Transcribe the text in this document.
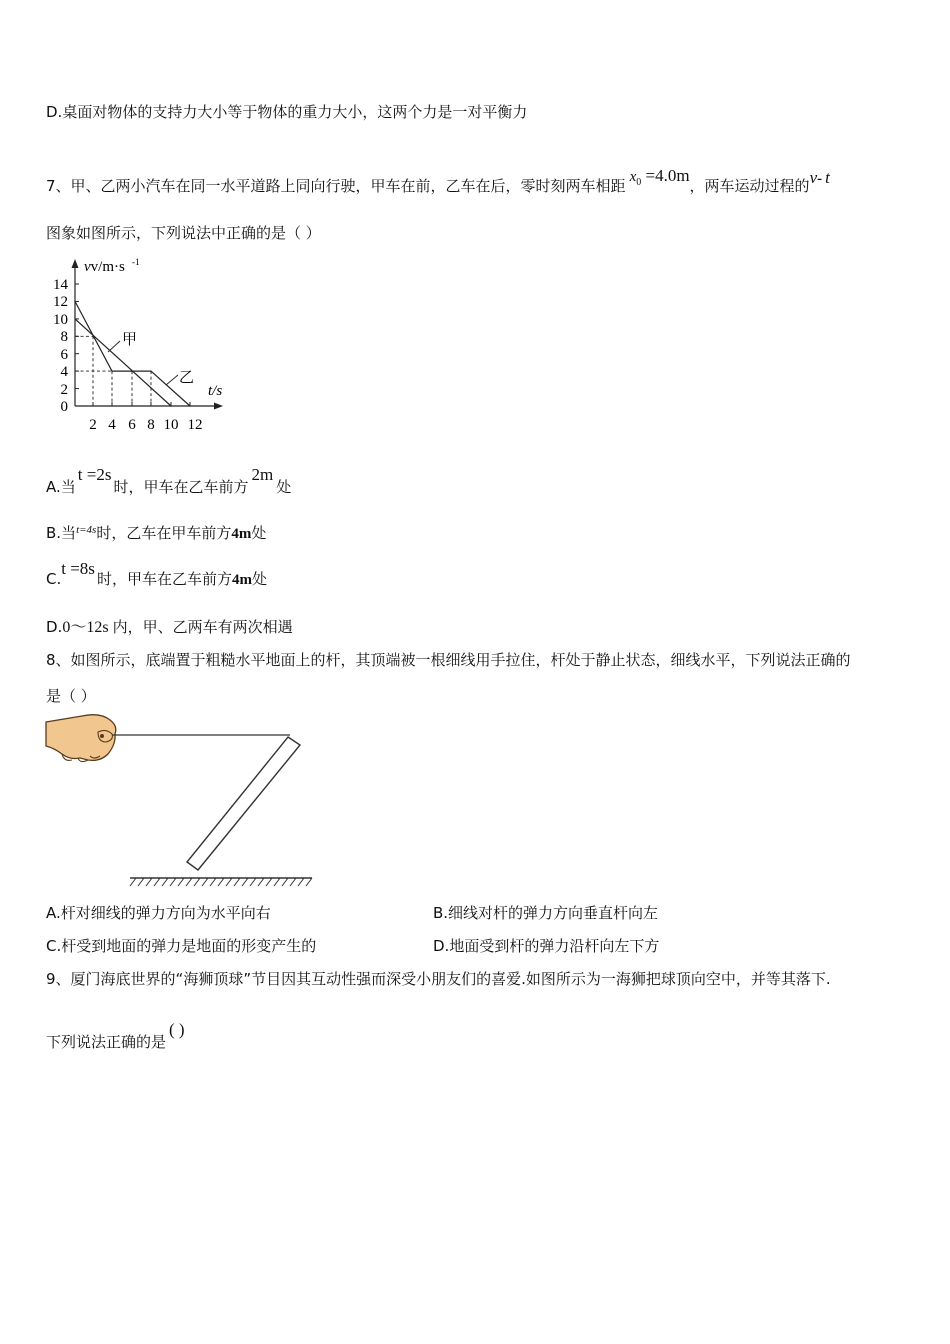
D.桌面对物体的支持力大小等于物体的重力大小，这两个力是一对平衡力
7、甲、乙两小汽车在同一水平道路上同向行驶，甲车在前，乙车在后，零时刻两车相距 $x^0 =4.0m$，两车运动过程的v- t
图象如图所示，下列说法中正确的是（ ）
甲
乙
vv/m·s -1
t/s
14
12
10
8
6
4
2
0
2 4 6 8 10 12
A.当t =2s时，甲车在乙车前方2m处
B.当$^{t=4s}$时，乙车在甲车前方4m处
C.t =8s时，甲车在乙车前方4m处
D.0～12s 内，甲、乙两车有两次相遇
8、如图所示，底端置于粗糙水平地面上的杆，其顶端被一根细线用手拉住，杆处于静止状态，细线水平，下列说法正确的
是（ ）
A.杆对细线的弹力方向为水平向右	B.细线对杆的弹力方向垂直杆向左
C.杆受到地面的弹力是地面的形变产生的	D.地面受到杆的弹力沿杆向左下方
9、厦门海底世界的“海狮顶球”节目因其互动性强而深受小朋友们的喜爱.如图所示为一海狮把球顶向空中，并等其落下.
下列说法正确的是( )
